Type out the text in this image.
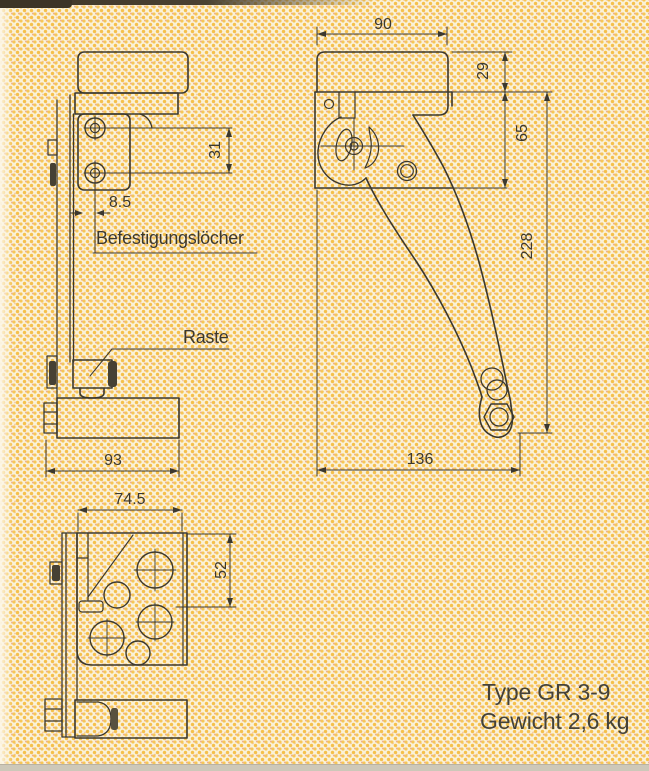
90
29
65
228
136
31
8.5
93
Befestigungslöcher
Raste
74.5
52
Type GR 3-9
Gewicht 2,6 kg
